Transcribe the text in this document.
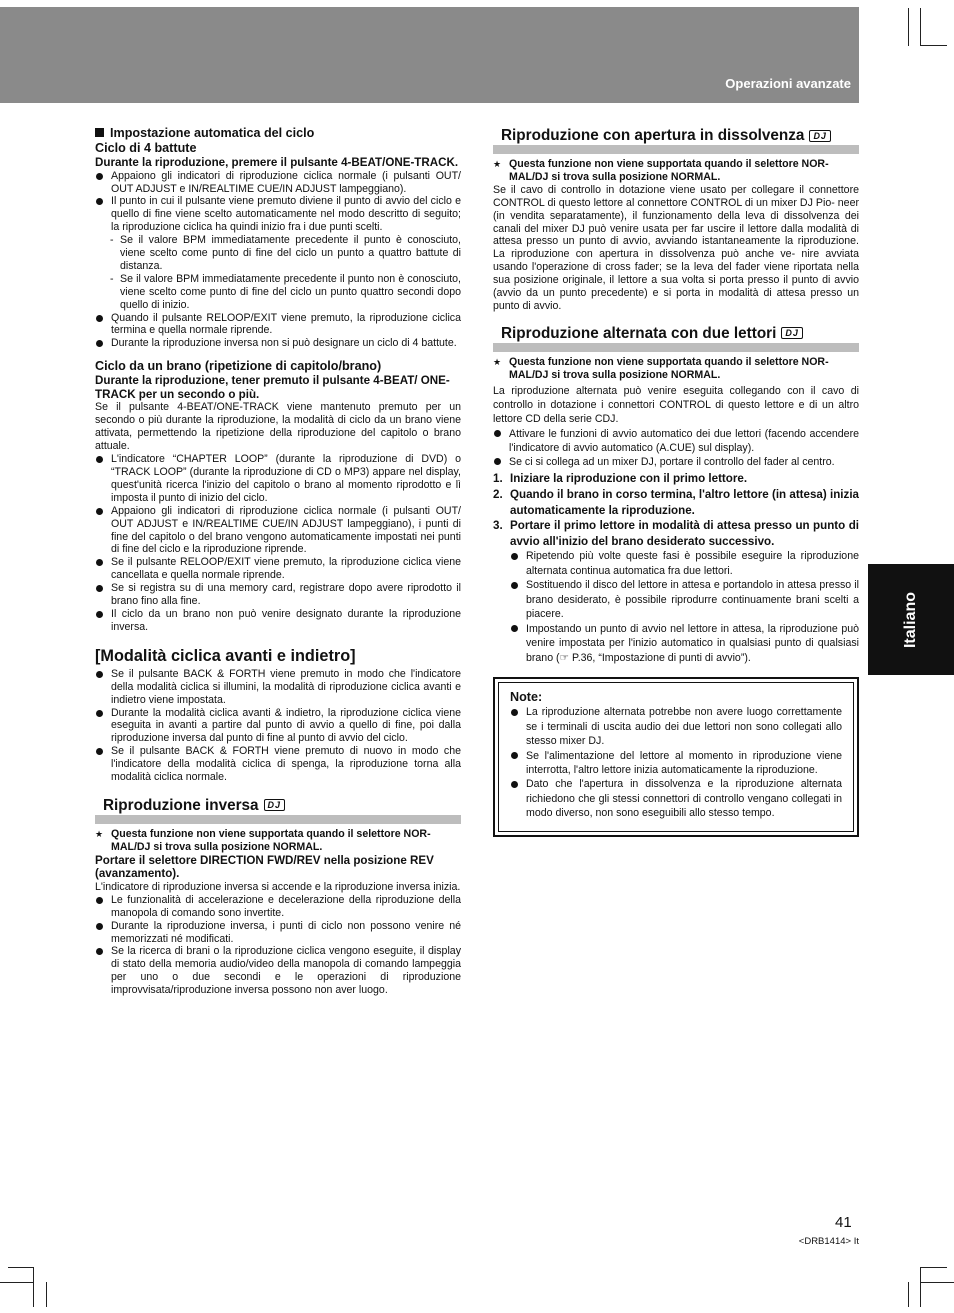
Operazioni avanzate
Italiano

Impostazione automatica del ciclo

Ciclo di 4 battute

Durante la riproduzione, premere il pulsante 4-BEAT/ONE-TRACK.

Appaiono gli indicatori di riproduzione ciclica normale (i pulsanti OUT/ OUT ADJUST e IN/REALTIME CUE/IN ADJUST lampeggiano).

Il punto in cui il pulsante viene premuto diviene il punto di avvio del ciclo e quello di fine viene scelto automaticamente nel modo descritto di seguito; la riproduzione ciclica ha quindi inizio fra i due punti scelti.

- Se il valore BPM immediatamente precedente il punto è conosciuto, viene scelto come punto di fine del ciclo un punto a quattro battute di distanza.

- Se il valore BPM immediatamente precedente il punto non è conosciuto, viene scelto come punto di fine del ciclo un punto quattro secondi dopo quello di inizio.

Quando il pulsante RELOOP/EXIT viene premuto, la riproduzione ciclica termina e quella normale riprende.

Durante la riproduzione inversa non si può designare un ciclo di 4 battute.

Ciclo da un brano (ripetizione di capitolo/brano)

Durante la riproduzione, tener premuto il pulsante 4-BEAT/ ONE-TRACK per un secondo o più.

Se il pulsante 4-BEAT/ONE-TRACK viene mantenuto premuto per un secondo o più durante la riproduzione, la modalità di ciclo da un brano viene attivata, permettendo la ripetizione della riproduzione del capitolo o brano attuale.

L'indicatore “CHAPTER LOOP” (durante la riproduzione di DVD) o “TRACK LOOP” (durante la riproduzione di CD o MP3) appare nel display, quest'unità ricerca l'inizio del capitolo o brano al momento riprodotto e lì imposta il punto di inizio del ciclo.

Appaiono gli indicatori di riproduzione ciclica normale (i pulsanti OUT/ OUT ADJUST e IN/REALTIME CUE/IN ADJUST lampeggiano), i punti di fine del capitolo o del brano vengono automaticamente impostati nei punti di fine del ciclo e la riproduzione riprende.

Se il pulsante RELOOP/EXIT viene premuto, la riproduzione ciclica viene cancellata e quella normale riprende.

Se si registra su di una memory card, registrare dopo avere riprodotto il brano fino alla fine.

Il ciclo da un brano non può venire designato durante la riproduzione inversa.

[Modalità ciclica avanti e indietro]

Se il pulsante BACK & FORTH viene premuto in modo che l'indicatore della modalità ciclica si illumini, la modalità di riproduzione ciclica avanti e indietro viene impostata.

Durante la modalità ciclica avanti & indietro, la riproduzione ciclica viene eseguita in avanti a partire dal punto di avvio a quello di fine, poi dalla riproduzione inversa dal punto di fine al punto di avvio del ciclo.

Se il pulsante BACK & FORTH viene premuto di nuovo in modo che l'indicatore della modalità ciclica di spenga, la riproduzione torna alla modalità ciclica normale.

Riproduzione inversa	DJ

★ Questa funzione non viene supportata quando il selettore NOR- MAL/DJ si trova sulla posizione NORMAL.

Portare il selettore DIRECTION FWD/REV nella posizione REV (avanzamento).

L'indicatore di riproduzione inversa si accende e la riproduzione inversa inizia.

Le funzionalità di accelerazione e decelerazione della riproduzione della manopola di comando sono invertite.

Durante la riproduzione inversa, i punti di ciclo non possono venire né memorizzati né modificati.

Se la ricerca di brani o la riproduzione ciclica vengono eseguite, il display di stato della memoria audio/video della manopola di comando lampeggia per uno o due secondi e le operazioni di riproduzione improvvisata/riproduzione inversa possono non aver luogo.

Riproduzione con apertura in dissolvenza	DJ

★ Questa funzione non viene supportata quando il selettore NOR- MAL/DJ si trova sulla posizione NORMAL.

Se il cavo di controllo in dotazione viene usato per collegare il connettore CONTROL di questo lettore al connettore CONTROL di un mixer DJ Pio- neer (in vendita separatamente), il funzionamento della leva di dissolvenza dei canali del mixer DJ può venire usata per far uscire il lettore dalla modalità di attesa presso un punto di avvio, avviando istantaneamente la riproduzione. La riproduzione con apertura in dissolvenza può anche ve- nire avviata usando l'operazione di cross fader; se la leva del fader viene riportata nella sua posizione originale, il lettore a sua volta si porta presso il punto di avvio (avvio da un punto precedente) e si porta in modalità di attesa presso un punto di avvio.

Riproduzione alternata con due lettori	DJ

★ Questa funzione non viene supportata quando il selettore NOR- MAL/DJ si trova sulla posizione NORMAL.

La riproduzione alternata può venire eseguita collegando con il cavo di controllo in dotazione i connettori CONTROL di questo lettore e di un altro lettore CD della serie CDJ.

Attivare le funzioni di avvio automatico dei due lettori (facendo accendere l'indicatore di avvio automatico (A.CUE) sul display).

Se ci si collega ad un mixer DJ, portare il controllo del fader al centro.

1. Iniziare la riproduzione con il primo lettore.

2. Quando il brano in corso termina, l'altro lettore (in attesa) inizia automaticamente la riproduzione.

3. Portare il primo lettore in modalità di attesa presso un punto di avvio all'inizio del brano desiderato successivo.

Ripetendo più volte queste fasi è possibile eseguire la riproduzione alternata continua automatica fra due lettori.

Sostituendo il disco del lettore in attesa e portandolo in attesa presso il brano desiderato, è possibile riprodurre continuamente brani scelti a piacere.

Impostando un punto di avvio nel lettore in attesa, la riproduzione può venire impostata per l'inizio automatico in qualsiasi punto di qualsiasi brano (☞ P.36, “Impostazione di punti di avvio”).

Note:

La riproduzione alternata potrebbe non avere luogo correttamente se i terminali di uscita audio dei due lettori non sono collegati allo stesso mixer DJ.

Se l'alimentazione del lettore al momento in riproduzione viene interrotta, l'altro lettore inizia automaticamente la riproduzione.

Dato che l'apertura in dissolvenza e la riproduzione alternata richiedono che gli stessi connettori di controllo vengano collegati in modo diverso, non sono eseguibili allo stesso tempo.

41
<DRB1414> It
